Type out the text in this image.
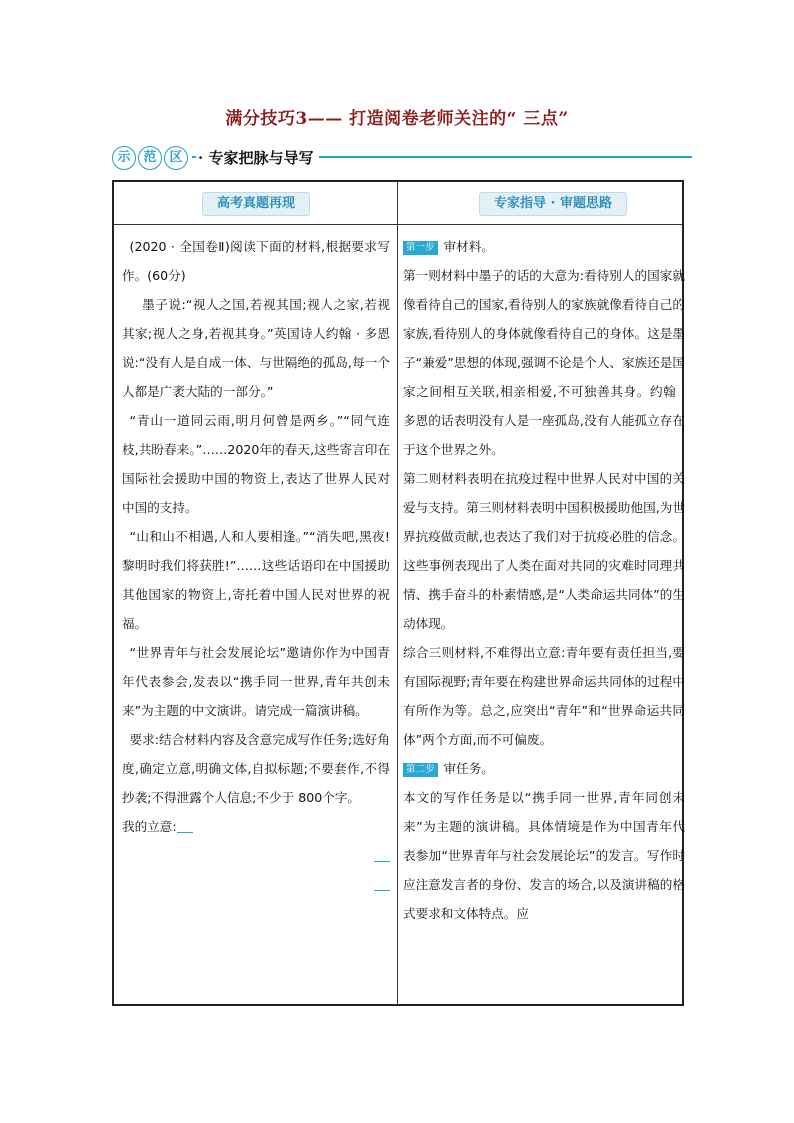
满分技巧3—— 打造阅卷老师关注的“ 三点”
示 范 区	· 专家把脉与导写
高考真题再现	专家指导 · 审题思路

(2020 · 全国卷Ⅱ)阅读下面的材料,根据要求写作。(60分)

墨子说:“视人之国,若视其国;视人之家,若视其家;视人之身,若视其身。”英国诗人约翰 · 多恩说:“没有人是自成一体、与世隔绝的孤岛,每一个人都是广袤大陆的一部分。”

“青山一道同云雨,明月何曾是两乡。”“同气连枝,共盼春来。”……2020年的春天,这些寄言印在国际社会援助中国的物资上,表达了世界人民对中国的支持。

“山和山不相遇,人和人要相逢。”“消失吧,黑夜!黎明时我们将获胜!”……这些话语印在中国援助其他国家的物资上,寄托着中国人民对世界的祝福。

“世界青年与社会发展论坛”邀请你作为中国青年代表参会,发表以“携手同一世界,青年共创未来”为主题的中文演讲。请完成一篇演讲稿。

要求:结合材料内容及含意完成写作任务;选好角度,确定立意,明确文体,自拟标题;不要套作,不得抄袭;不得泄露个人信息;不少于 800个字。

我的立意:

第一步 审材料。

第一则材料中墨子的话的大意为:看待别人的国家就像看待自己的国家,看待别人的家族就像看待自己的家族,看待别人的身体就像看待自己的身体。这是墨子“兼爱”思想的体现,强调不论是个人、家族还是国家之间相互关联,相亲相爱,不可独善其身。约翰 · 多恩的话表明没有人是一座孤岛,没有人能孤立存在于这个世界之外。

第二则材料表明在抗疫过程中世界人民对中国的关爱与支持。第三则材料表明中国积极援助他国,为世界抗疫做贡献,也表达了我们对于抗疫必胜的信念。这些事例表现出了人类在面对共同的灾难时同理共情、携手奋斗的朴素情感,是“人类命运共同体”的生动体现。

综合三则材料,不难得出立意:青年要有责任担当,要有国际视野;青年要在构建世界命运共同体的过程中有所作为等。总之,应突出“青年”和“世界命运共同体”两个方面,而不可偏废。

第二步 审任务。

本文的写作任务是以“携手同一世界,青年同创未来”为主题的演讲稿。具体情境是作为中国青年代表参加“世界青年与社会发展论坛”的发言。写作时应注意发言者的身份、发言的场合,以及演讲稿的格式要求和文体特点。应
